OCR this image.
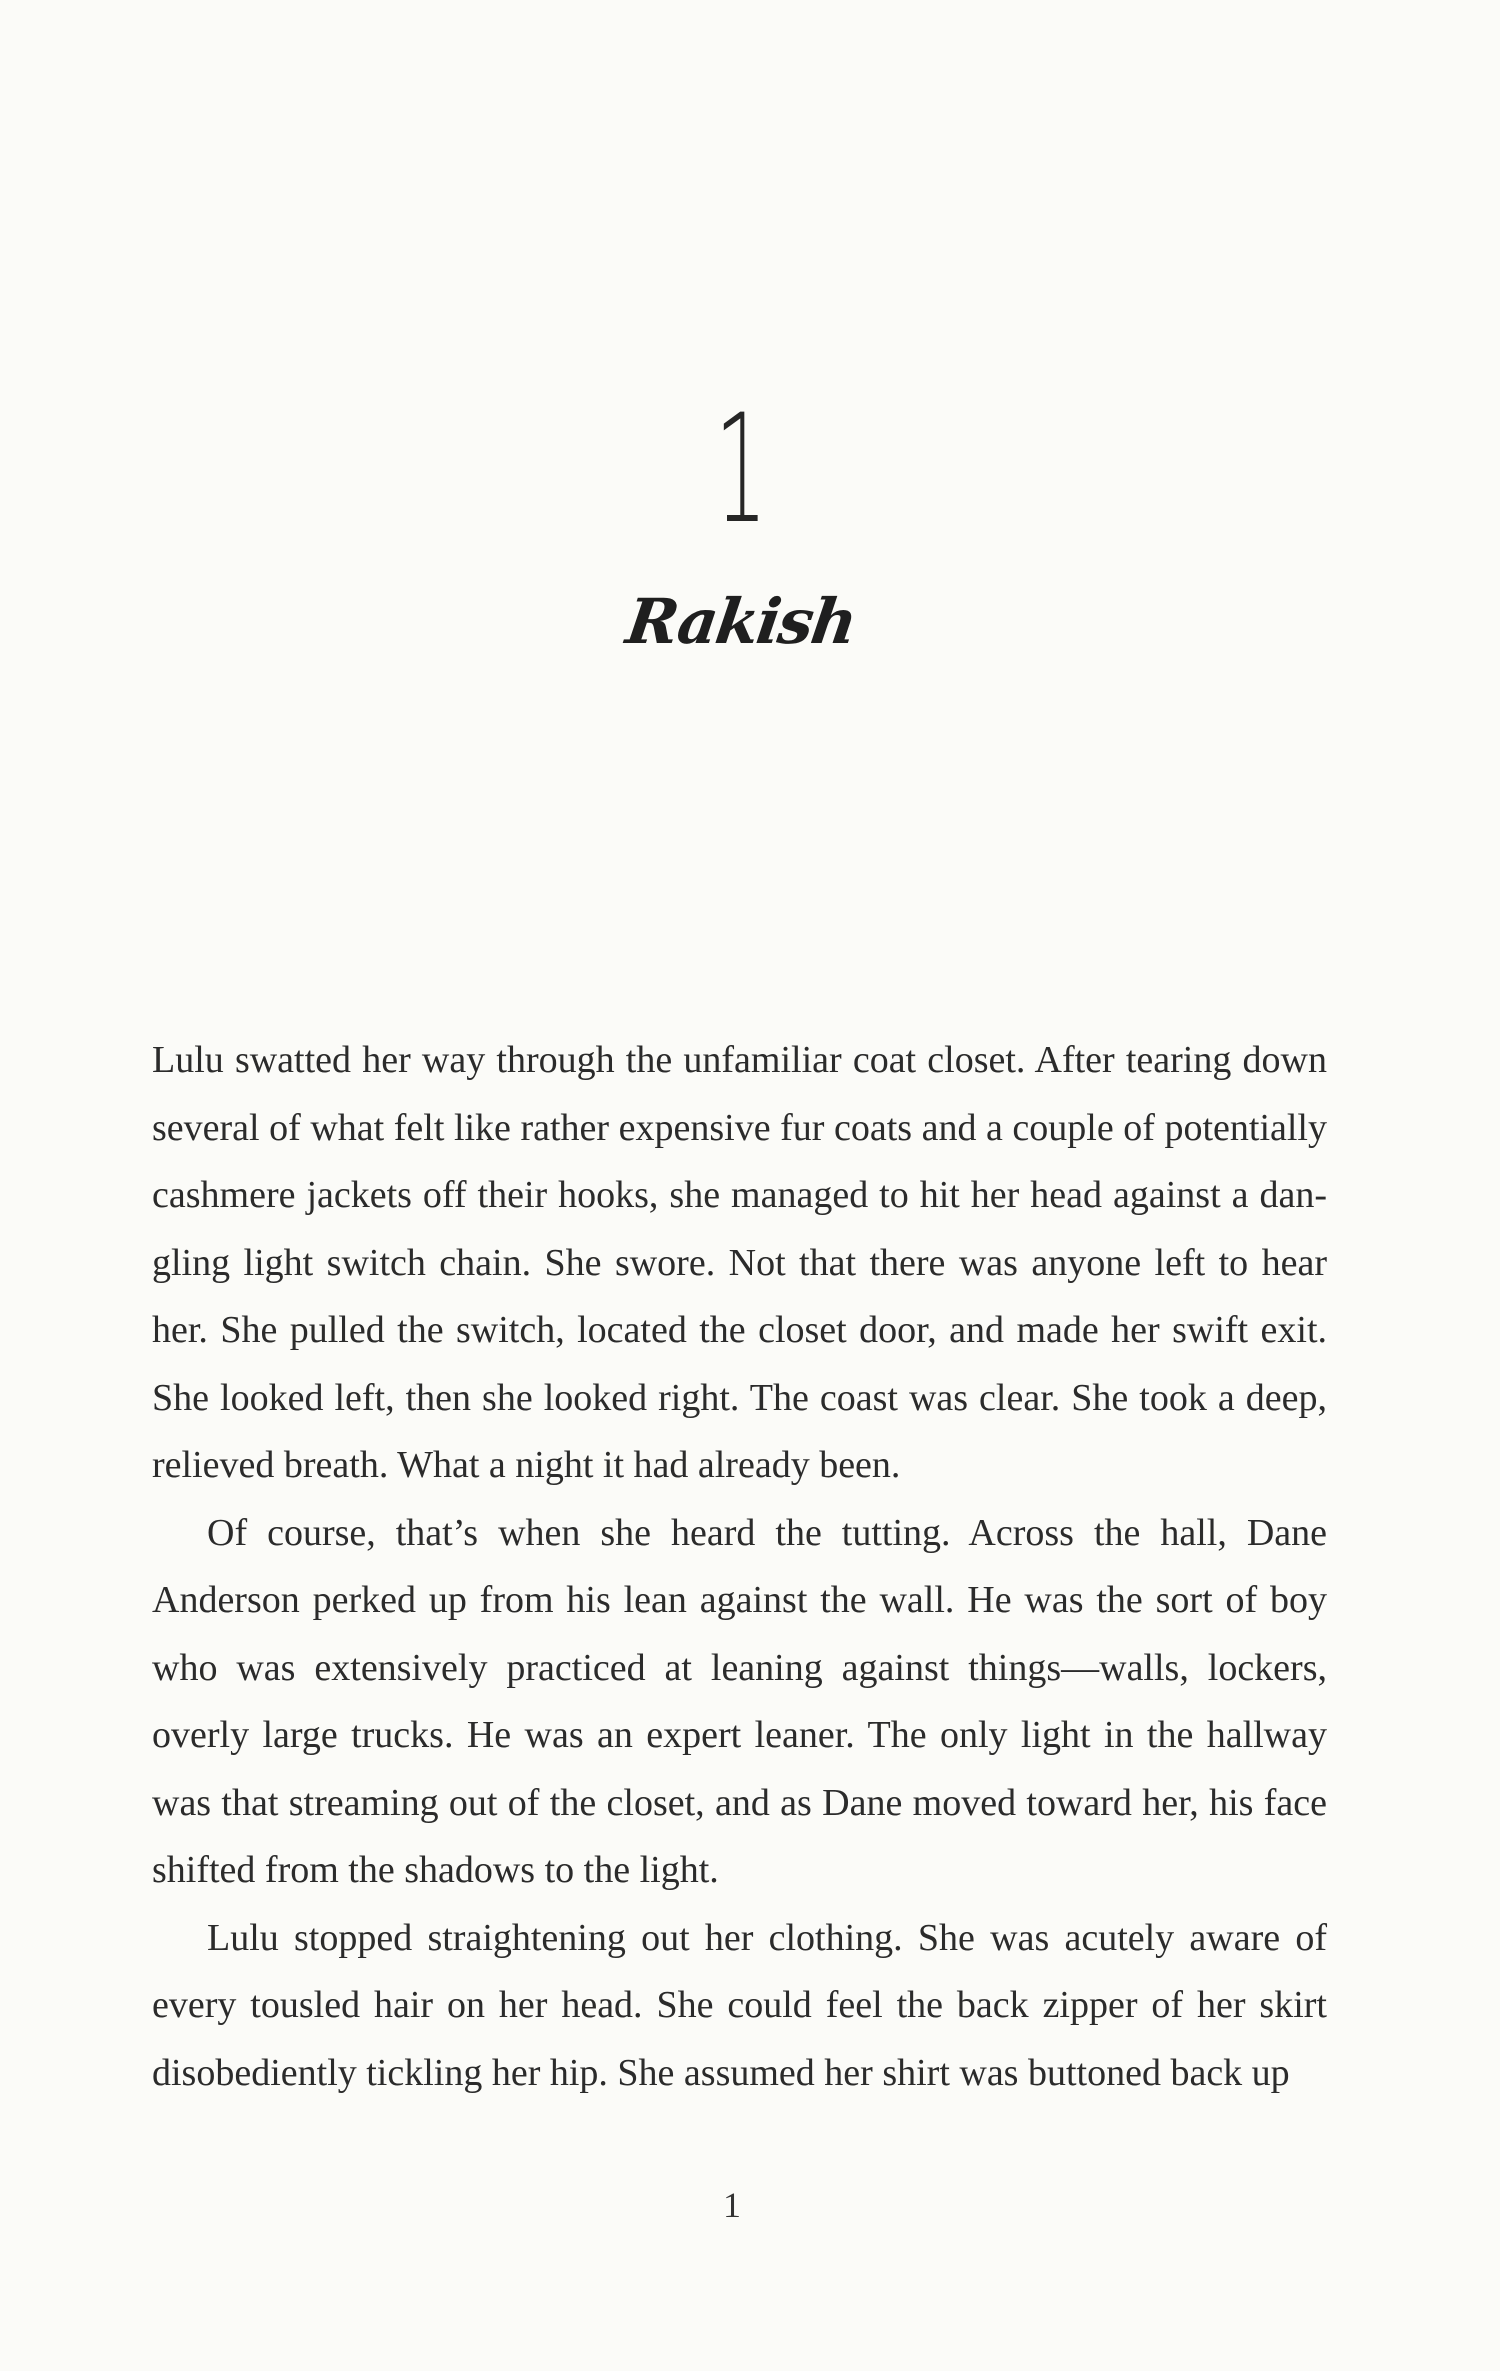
1
Rakish

Lulu swatted her way through the unfamiliar coat closet. After tearing down several of what felt like rather expensive fur coats and a couple of potentially cashmere jackets off their hooks, she managed to hit her head against a dangling light switch chain. She swore. Not that there was anyone left to hear her. She pulled the switch, located the closet door, and made her swift exit. She looked left, then she looked right. The coast was clear. She took a deep, relieved breath. What a night it had already been.

Of course, that’s when she heard the tutting. Across the hall, Dane Anderson perked up from his lean against the wall. He was the sort of boy who was extensively practiced at leaning against things—walls, lockers, overly large trucks. He was an expert leaner. The only light in the hallway was that streaming out of the closet, and as Dane moved toward her, his face shifted from the shadows to the light.

Lulu stopped straightening out her clothing. She was acutely aware of every tousled hair on her head. She could feel the back zipper of her skirt disobediently tickling her hip. She assumed her shirt was buttoned back up

1
